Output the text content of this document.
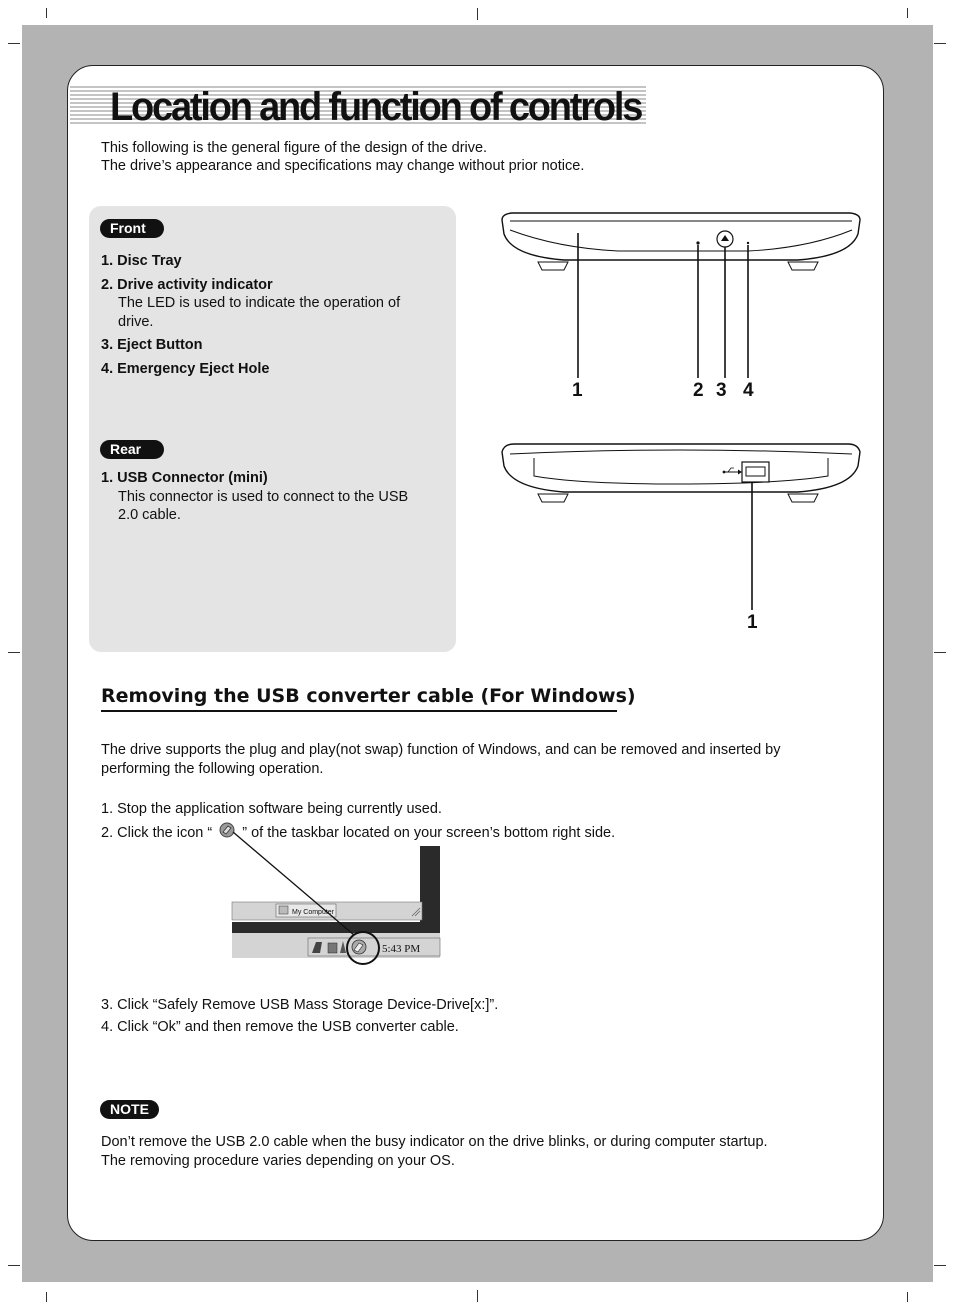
Location and function of controls
This following is the general figure of the design of the drive.
The drive’s appearance and specifications may change without prior notice.
Front
1. Disc Tray
2. Drive activity indicator
The LED is used to indicate the operation of
drive.
3. Eject Button
4. Emergency Eject Hole
Rear
1. USB Connector (mini)
This connector is used to connect to the USB
2.0 cable.
1	2 3 4
1
Removing the USB converter cable (For Windows)
The drive supports the plug and play(not swap) function of Windows, and can be removed and inserted by
performing the following operation.
1. Stop the application software being currently used.
2. Click the icon “ ” of the taskbar located on your screen’s bottom right side.
My Computer
5:43 PM
3. Click “Safely Remove USB Mass Storage Device-Drive[x:]”.
4. Click “Ok” and then remove the USB converter cable.
NOTE
Don’t remove the USB 2.0 cable when the busy indicator on the drive blinks, or during computer startup.
The removing procedure varies depending on your OS.
